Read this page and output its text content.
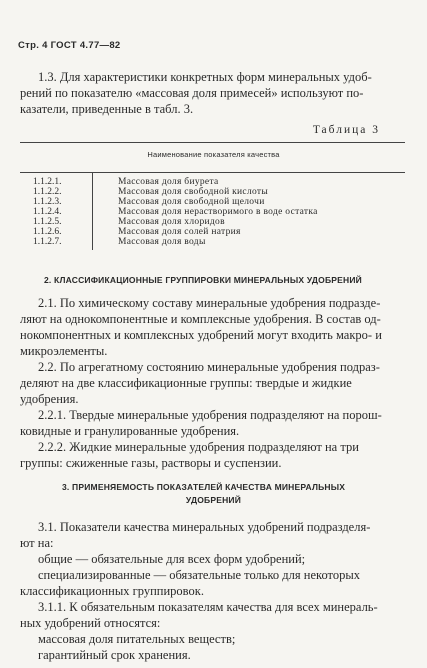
Стр. 4 ГОСТ 4.77—82
1.3. Для характеристики конкретных форм минеральных удоб-
рений по показателю «массовая доля примесей» используют по-
казатели, приведенные в табл. 3.
Таблица 3
Наименование показателя качества
1.1.2.1.	Массовая доля биурета
1.1.2.2.	Массовая доля свободной кислоты
1.1.2.3.	Массовая доля свободной щелочи
1.1.2.4.	Массовая доля нерастворимого в воде остатка
1.1.2.5.	Массовая доля хлоридов
1.1.2.6.	Массовая доля солей натрия
1.1.2.7.	Массовая доля воды
2. КЛАССИФИКАЦИОННЫЕ ГРУППИРОВКИ МИНЕРАЛЬНЫХ УДОБРЕНИЙ
2.1. По химическому составу минеральные удобрения подразде-
ляют на однокомпонентные и комплексные удобрения. В состав од-
нокомпонентных и комплексных удобрений могут входить макро- и
микроэлементы.
2.2. По агрегатному состоянию минеральные удобрения подраз-
деляют на две классификационные группы: твердые и жидкие
удобрения.
2.2.1. Твердые минеральные удобрения подразделяют на порош-
ковидные и гранулированные удобрения.
2.2.2. Жидкие минеральные удобрения подразделяют на три
группы: сжиженные газы, растворы и суспензии.
3. ПРИМЕНЯЕМОСТЬ ПОКАЗАТЕЛЕЙ КАЧЕСТВА МИНЕРАЛЬНЫХ
УДОБРЕНИЙ
3.1. Показатели качества минеральных удобрений подразделя-
ют на:
общие — обязательные для всех форм удобрений;
специализированные — обязательные только для некоторых
классификационных группировок.
3.1.1. К обязательным показателям качества для всех минераль-
ных удобрений относятся:
массовая доля питательных веществ;
гарантийный срок хранения.
